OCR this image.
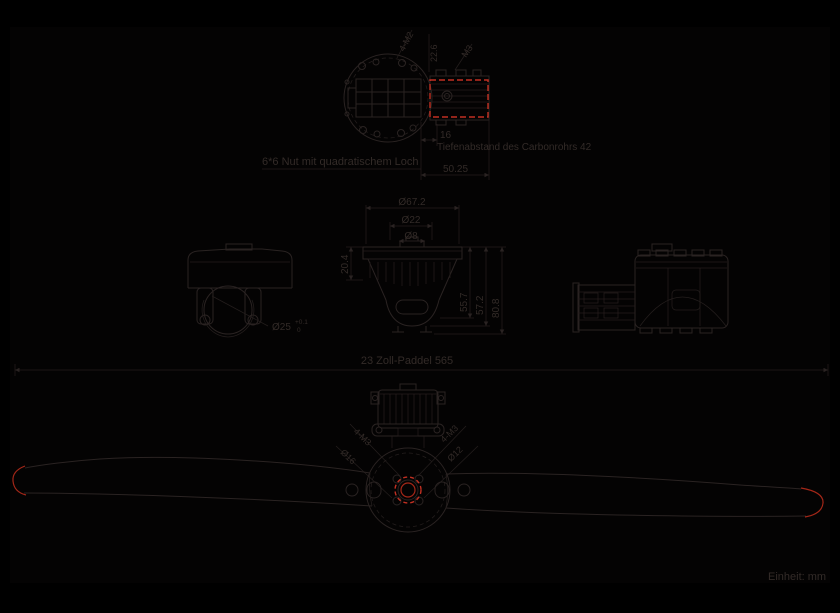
4-M2
22.6 M3
16
Tiefenabstand des Carbonrohrs 42
50.25
6*6 Nut mit quadratischem Loch
Ø67.2
Ø22
Ø8
20.4
55.7 57.2 80.8
Ø25 +0.1
0
23 Zoll-Paddel 565
4-M3
Ø16
4-M3
Ø12
Einheit: mm
